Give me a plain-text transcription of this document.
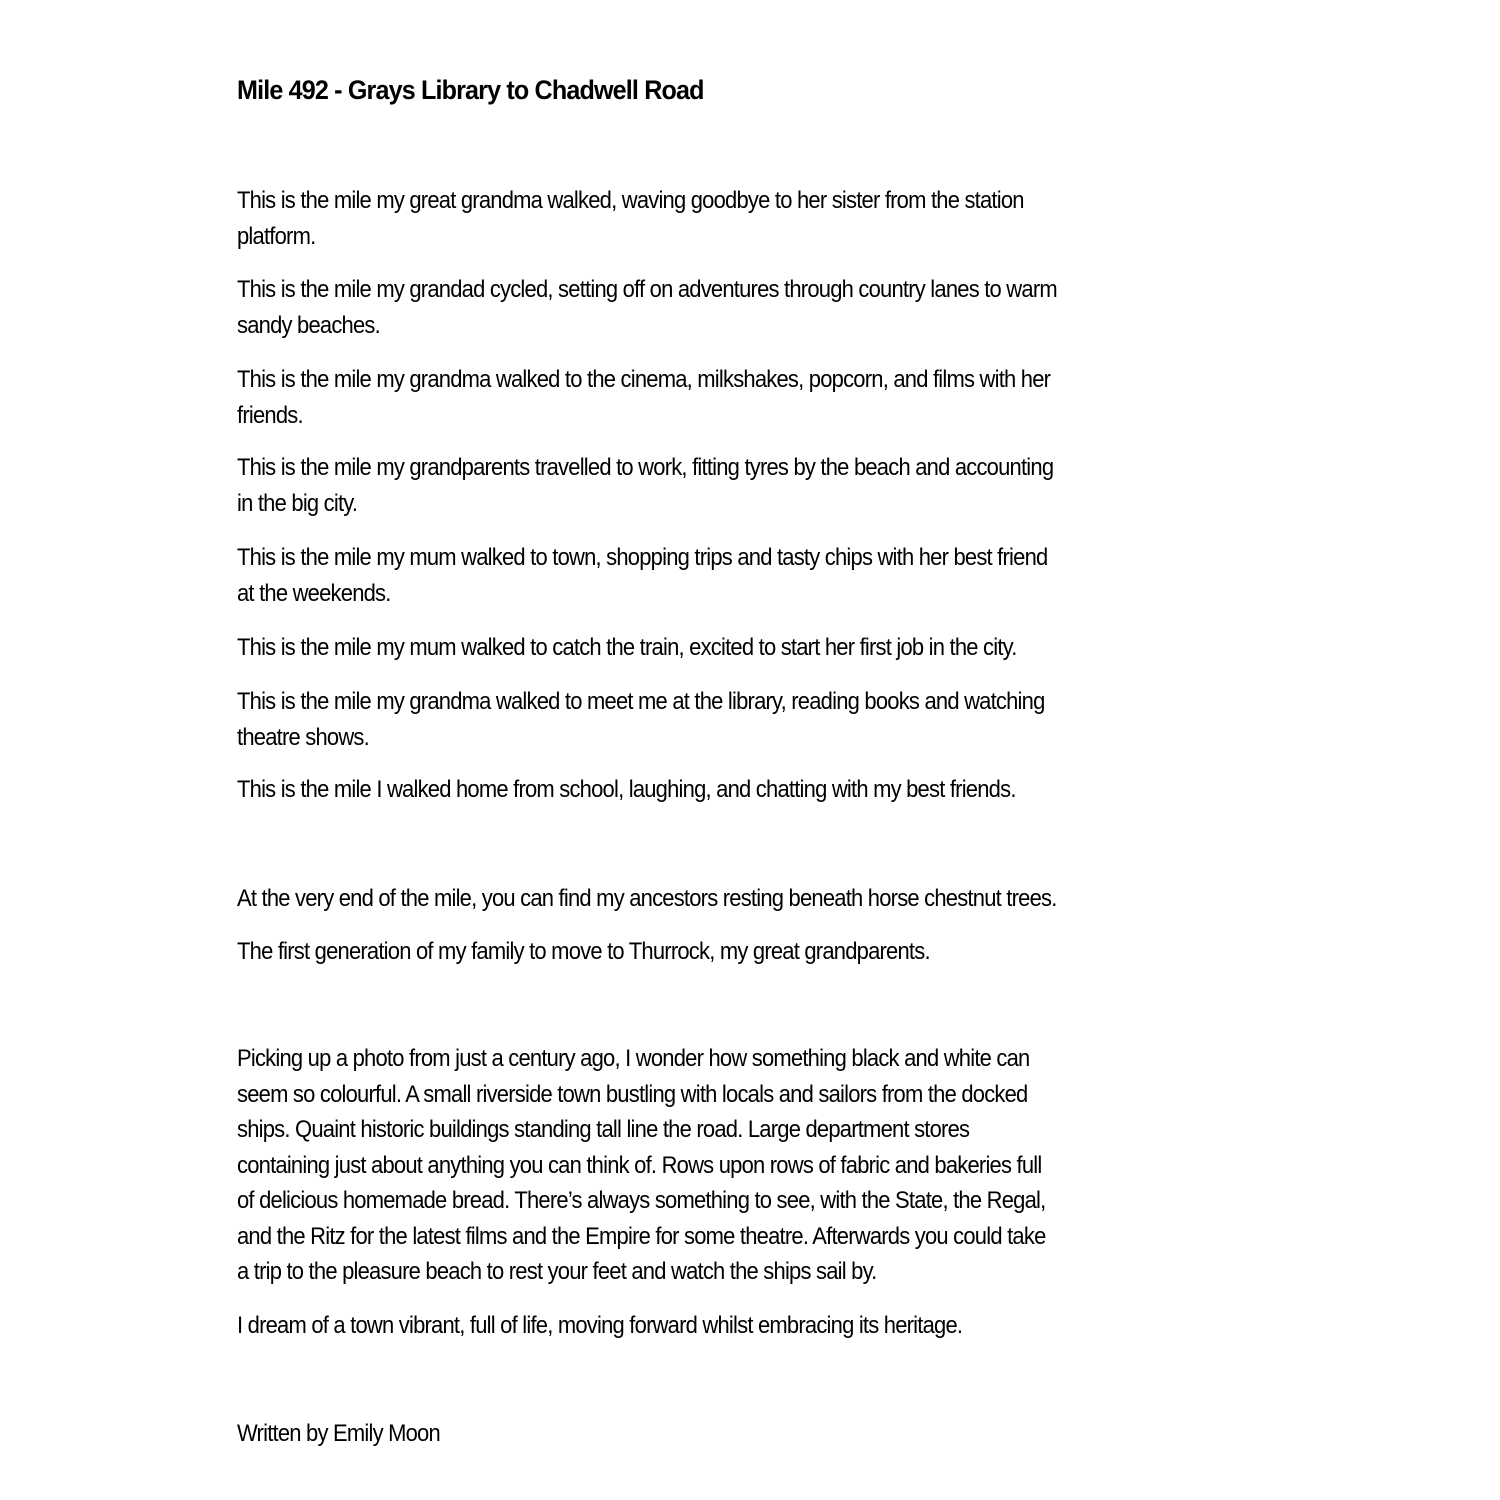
Mile 492 - Grays Library to Chadwell Road
This is the mile my great grandma walked, waving goodbye to her sister from the station
platform.
This is the mile my grandad cycled, setting off on adventures through country lanes to warm
sandy beaches.
This is the mile my grandma walked to the cinema, milkshakes, popcorn, and films with her
friends.
This is the mile my grandparents travelled to work, fitting tyres by the beach and accounting
in the big city.
This is the mile my mum walked to town, shopping trips and tasty chips with her best friend
at the weekends.
This is the mile my mum walked to catch the train, excited to start her first job in the city.
This is the mile my grandma walked to meet me at the library, reading books and watching
theatre shows.
This is the mile I walked home from school, laughing, and chatting with my best friends.
At the very end of the mile, you can find my ancestors resting beneath horse chestnut trees.
The first generation of my family to move to Thurrock, my great grandparents.
Picking up a photo from just a century ago, I wonder how something black and white can
seem so colourful. A small riverside town bustling with locals and sailors from the docked
ships. Quaint historic buildings standing tall line the road. Large department stores
containing just about anything you can think of. Rows upon rows of fabric and bakeries full
of delicious homemade bread. There’s always something to see, with the State, the Regal,
and the Ritz for the latest films and the Empire for some theatre. Afterwards you could take
a trip to the pleasure beach to rest your feet and watch the ships sail by.
I dream of a town vibrant, full of life, moving forward whilst embracing its heritage.
Written by Emily Moon
